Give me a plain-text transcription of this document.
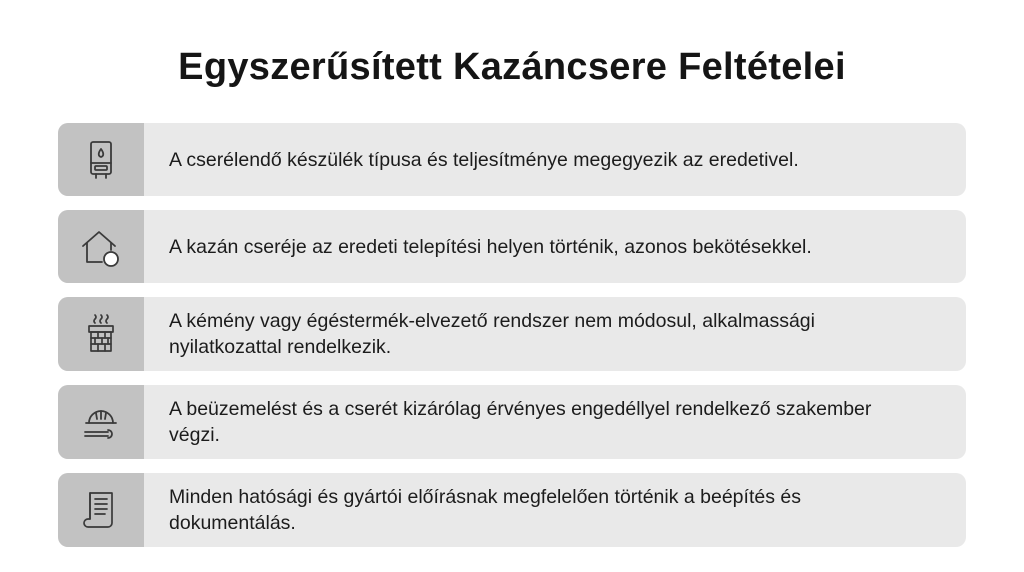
Egyszerűsített Kazáncsere Feltételei
A cserélendő készülék típusa és teljesítménye megegyezik az eredetivel.
A kazán cseréje az eredeti telepítési helyen történik, azonos bekötésekkel.
A kémény vagy égéstermék-elvezető rendszer nem módosul, alkalmassági nyilatkozattal rendelkezik.
A beüzemelést és a cserét kizárólag érvényes engedéllyel rendelkező szakember végzi.
Minden hatósági és gyártói előírásnak megfelelően történik a beépítés és dokumentálás.
